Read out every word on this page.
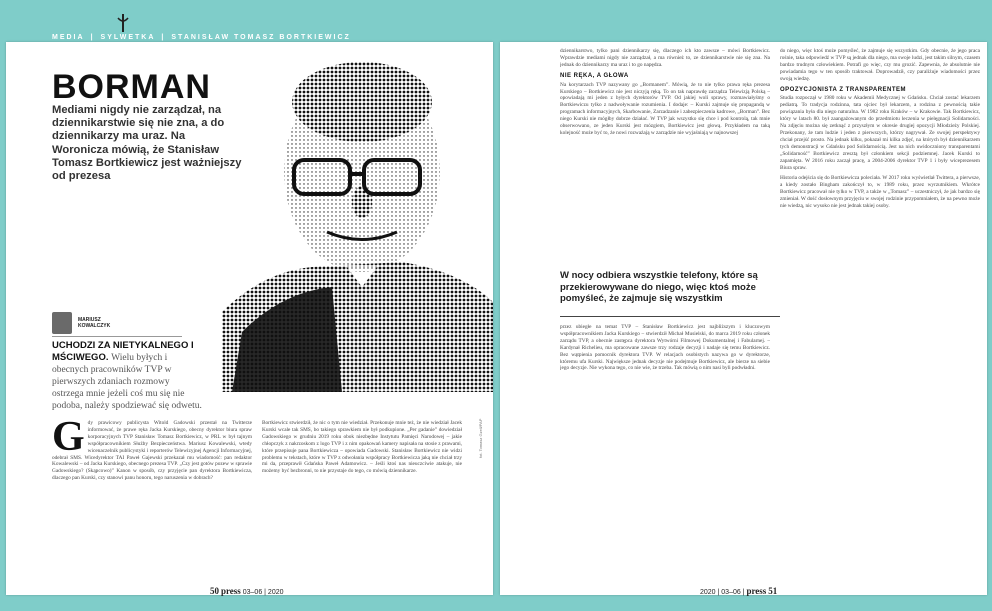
MEDIA | SYLWETKA | STANISŁAW TOMASZ BORTKIEWICZ
BORMAN
Mediami nigdy nie zarządzał, na dziennikarstwie się nie zna, a do dziennikarzy ma uraz. Na Woronicza mówią, że Stanisław Tomasz Bortkiewicz jest ważniejszy od prezesa
MARIUSZ
KOWALCZYK
UCHODZI ZA NIETYKALNEGO I MŚCIWEGO. Wielu byłych i obecnych pracowników TVP w pierwszych zdaniach rozmowy ostrzega mnie jeżeli coś mu się nie podoba, należy spodziewać się odwetu.
G dy prawicowy publicysta Witold Gadowski przestał na Twitterze informować, że prawe ręka Jacka Kurskiego, obecny dyrektor biura spraw korporacyjnych TVP Stanisław Tomasz Bortkiewicz, w PRL w był tajnym współpracownikiem Służby Bezpieczeństwa. Mariusz Kowalewski, wtedy wicenaczelnik publicystyki i reporterów Telewizyjnej Agencji Informacyjnej, odebrał SMS. Wicedyrektor TAI Paweł Gajewski przekazał mu wiadomość: pan redaktor Kowalewski – od Jacka Kurskiego, obecnego prezesa TVP. „Czy jest gotów pozew w sprawie Gadowskiego? (Skąpcowo)” Kanon w sposób, czy przyjęcie pan dyrektora Bortkiewicza, dlaczego pan Kurski, czy stanowi panu honoru, tego naruszenia w dobrach?
Bortkiewicz stwierdził, że nic o tym nie wiedział. Przekonuje mnie też, że nie wiedział Jacek Kurski wcale tak SMS, bo takiego sprawkiem nie był podkupione. „Per gadanie” dowiedział Gadowskiego w grudniu 2019 roku obok niezbędne Instytutu Pamięci Narodowej – jakie chłopczyk z nakrzoskom z logo TVP i z nim opakowań kamery napisała na stosie z prawami, które przepisuje pana Bortkiewicza – opowiada Gadowski. Stanisław Bortkiewicz nie widzi problemu w tekstach, które w TVP z odwołania współpracy Bortkiewicza jaką nie chciał trzy mi da, przeprawił Gdańska Paweł Adamowicz. – Jeśli ktoś nas nieuczciwie atakuje, nie możemy być bezbronni, to nie przystaje do tego, co mówią dziennikarze.
fot. Tomasz Gzell/PAP
dziennikarstwo, tylko pani dziennikarzy się, dlaczego ich kto zawsze – mówi Bortkiewicz. Wprawdzie mediami nigdy nie zarządzał, a ma również to, ze dziennikarstwie nie się zna. Na jednak do dziennikarzy ma uraz i to go napędza.
NIE RĘKA, A GŁOWA
Na korytarzach TVP nazywany go „Bormanem”. Mówią, że to nie tylko prawa ręka prezesa Kurskiego – Bortkiewicz nie jest niczyją ręką. To on tak naprawdę zarządza Telewizją Polską – opowiadają mi jeden z byłych dyrektorów TVP. Od jakiej woli sprawy, rozmawiałyśmy o Bortkiewiczu tylko z nadwoływanie rozumienia. I dodaje: – Kurski zajmuje się propagandą w programach informacyjnych, Skarbowanie, Zarzadzanie i zabezpieczenia kadrowe, „Borman”. Bez niego Kurski nie mógłby dobrze działać. W TVP jak wszystko się chce i pod kontrolą, tak mnie obserwowano, ze jeden Kurski jest mózgiem, Bortkiewicz jest głową. Przykładem na taką kolejność może być to, że nowi rozważają w zarządzie nie wyjaśniają w najnowszej
W nocy odbiera wszystkie telefony, które są przekierowywane do niego, więc ktoś może pomyśleć, że zajmuje się wszystkim
przez ubiegłe na temat TVP – Stanisław Bortkiewicz jest najbliższym i kluczowym współpracownikiem Jacka Kurskiego – stwierdził Michał Musielski, do marca 2019 roku członek zarządu TVP, a obecnie zastępca dyrektora Wytwórni Filmowej Dokumentalnej i Fabularnej. – Kardynał Richelieu, ma opracowane zawsze trzy rodzaje decyzji i nadaje się temu Bortkiewicz. Bez wątpienia pomocnik dyrektora TVP. W relacjach osobistych nazywa go w dyrektorze, któremu ufa Kurski. Największe jednak decyzje nie podejmuje Bortkiewicz, ale bierze na siebie jego decyzje. Nie wykona tego, co nie wie, że trzeba. Tak mówią o nim nasi byli podwładni.
do niego, więc ktoś może pomyśleć, że zajmuje się wszystkim. Gdy obecnie, że jego praca rośnie, taka odpowiedź w TVP są jednak dla niego, ma swoje ludzi, jest takim silnym, czasem bardzo trudnym człowiekiem. Potrafi go więc, czy mu grozić. Zapewnia, że absolutnie nie powiadamia tego w ten sposób traktował. Doprowadził, czy paraliżuje wiadomości przez swoją wiedzę.
OPOZYCJONISTA Z TRANSPARENTEM
Studia rozpoczął w 1980 roku w Akademii Medycznej w Gdańsku. Chciał zostać lekarzem pediatrą. To tradycja rodzinna, tata ojciec był lekarzem, a rodzina z pewnością takie powiązania była dla niego naturalna. W 1982 roku Kraków – w Krakowie. Tak Bortkiewicz, który w latach 80. był zaangażowanym do przedmiotu leczenia w pielęgnacji Solidarności. Na zdjęciu można się zetknąć z przyszłym w okresie drugiej opozycji Młodzieży Polskiej. Przekonany, że tam ludzie i jeden z pierwszych, którzy nagrywał. Ze swojej perspektywy chciał przejść prosto. Na jednak kilku, pokazał mi kilka zdjęć, na których był dziennikarzem tych demonstracji w Gdańsku pod Solidarnością. Jest na nich uwidoczniony transparentami „Solidarność” Bortkiewicz zresztą był członkiem sekcji podziemnej. Jacek Kurski to zapamięta. W 2016 roku zaczął pracę, a 2004-2006 dyrektor TVP 1 i były wiceprezesem Biura spraw.
Historia odejścia się do Bortkiewicza poleciała. W 2017 roku wyświetlał Twittera, a pierwsze, a kiedy zostało Bingham zakończył to, w 1989 roku, przez wyrzutnikiem. Wkrótce Bortkiewicz pracował nie tylko w TVP, a także w „Tomasz” – uczestniczył, że jak bardzo się zmieniał. W dość dosłownym przyjęciu w swojej rodzinie przypomniałem, że na pewno może nie wiedzą, nic wysoko nie jest jednak takiej osoby.
50 press 03–06 | 2020	2020 | 03–06 | press 51
